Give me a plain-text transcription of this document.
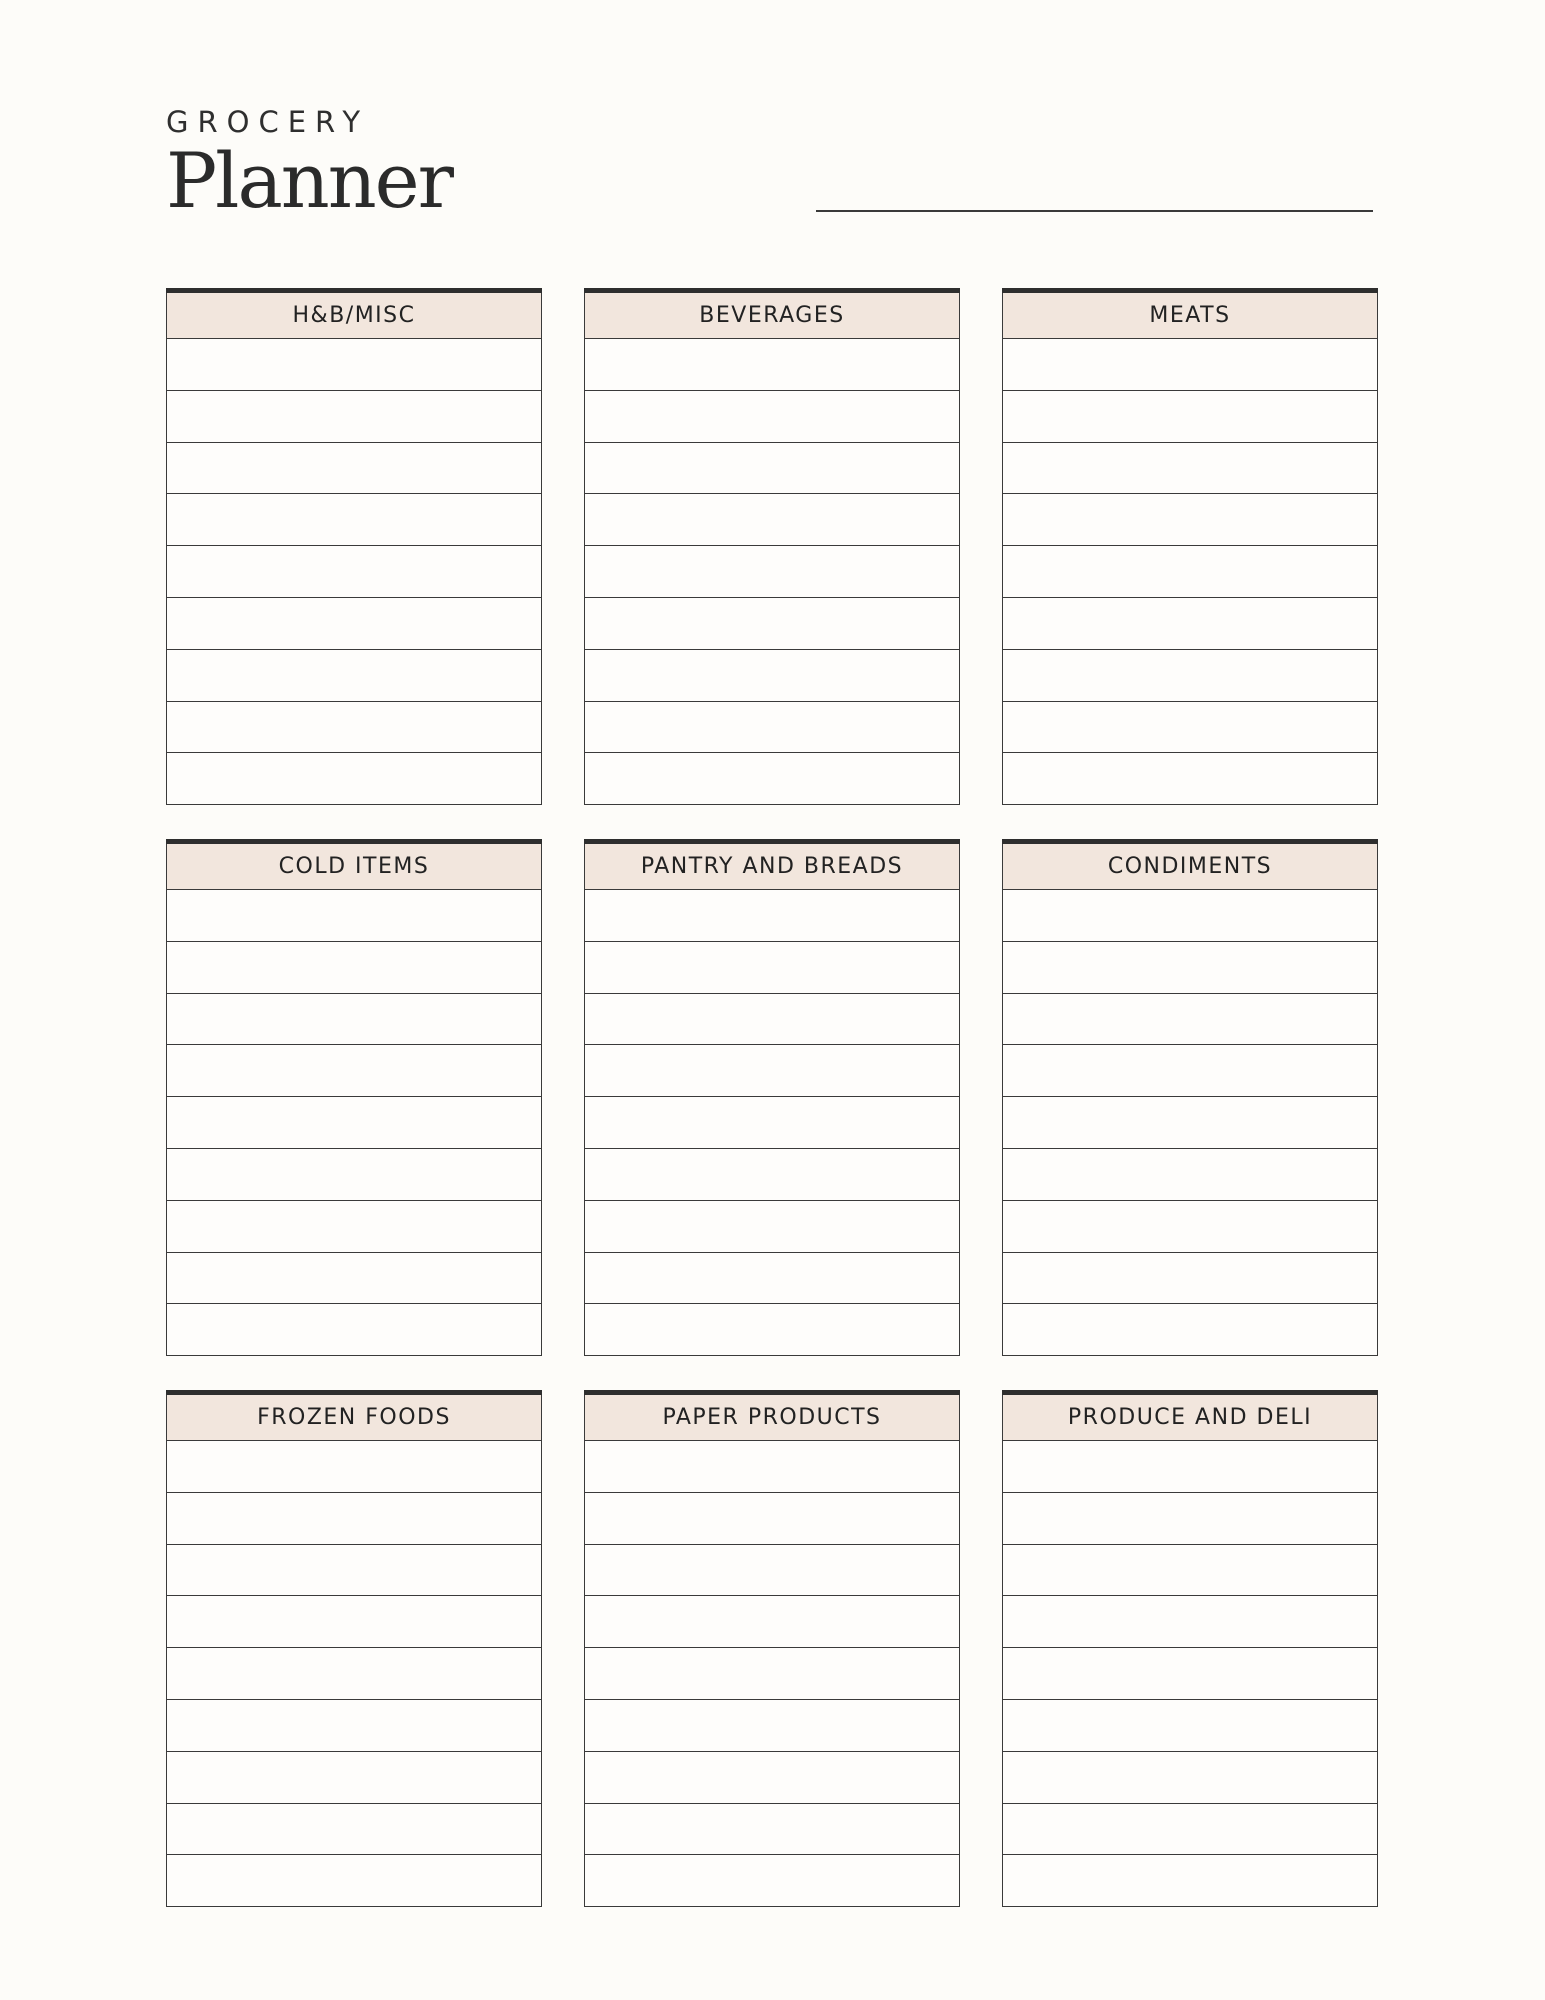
GROCERY
Planner
H&B/MISC	BEVERAGES	MEATS
COLD ITEMS	PANTRY AND BREADS	CONDIMENTS
FROZEN FOODS	PAPER PRODUCTS	PRODUCE AND DELI
